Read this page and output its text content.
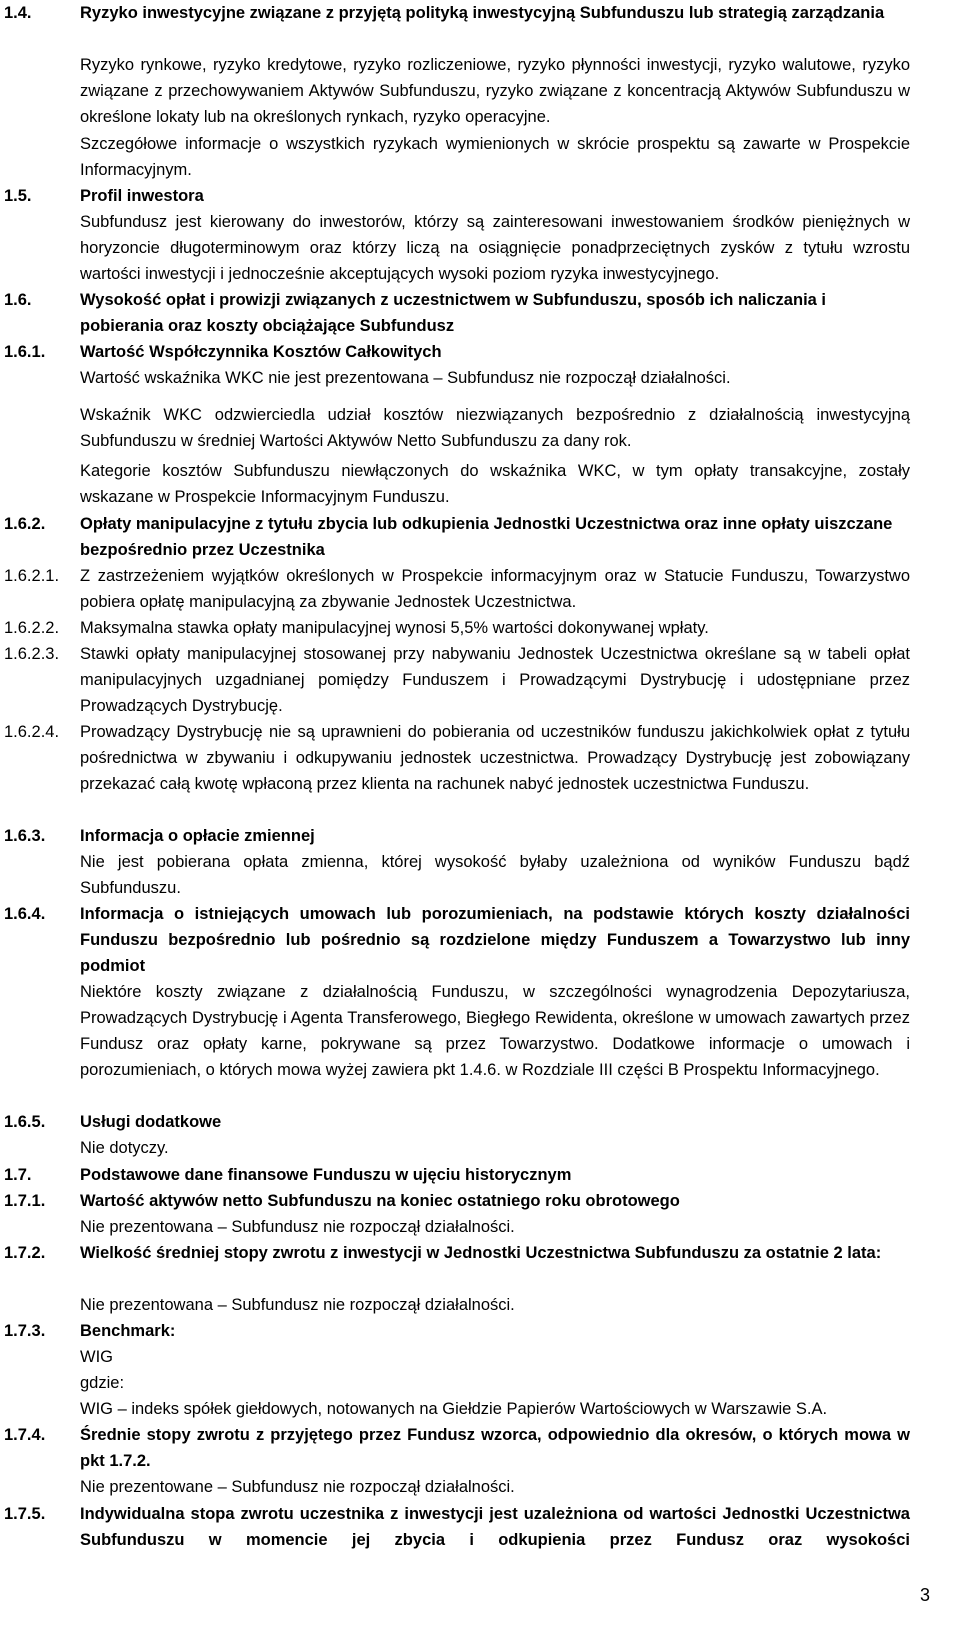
1.4.	Ryzyko inwestycyjne związane z przyjętą polityką inwestycyjną Subfunduszu lub strategią zarządzania
Ryzyko rynkowe, ryzyko kredytowe, ryzyko rozliczeniowe, ryzyko płynności inwestycji, ryzyko walutowe, ryzyko związane z przechowywaniem Aktywów Subfunduszu, ryzyko związane z koncentracją Aktywów Subfunduszu w określone lokaty lub na określonych rynkach, ryzyko operacyjne.
Szczegółowe informacje o wszystkich ryzykach wymienionych w skrócie prospektu są zawarte w Prospekcie Informacyjnym.
1.5.	Profil inwestora
Subfundusz jest kierowany do inwestorów, którzy są zainteresowani inwestowaniem środków pieniężnych w horyzoncie długoterminowym oraz którzy liczą na osiągnięcie ponadprzeciętnych zysków z tytułu wzrostu wartości inwestycji i jednocześnie akceptujących wysoki poziom ryzyka inwestycyjnego.
1.6.	Wysokość opłat i prowizji związanych z uczestnictwem w Subfunduszu, sposób ich naliczania i pobierania oraz koszty obciążające Subfundusz
1.6.1. Wartość Współczynnika Kosztów Całkowitych
Wartość wskaźnika WKC nie jest prezentowana – Subfundusz nie rozpoczął działalności.
Wskaźnik WKC odzwierciedla udział kosztów niezwiązanych bezpośrednio z działalnością inwestycyjną Subfunduszu w średniej Wartości Aktywów Netto Subfunduszu za dany rok.
Kategorie kosztów Subfunduszu niewłączonych do wskaźnika WKC, w tym opłaty transakcyjne, zostały wskazane w Prospekcie Informacyjnym Funduszu.
1.6.2. Opłaty manipulacyjne z tytułu zbycia lub odkupienia Jednostki Uczestnictwa oraz inne opłaty uiszczane bezpośrednio przez Uczestnika
1.6.2.1. Z zastrzeżeniem wyjątków określonych w Prospekcie informacyjnym oraz w Statucie Funduszu, Towarzystwo pobiera opłatę manipulacyjną za zbywanie Jednostek Uczestnictwa.
1.6.2.2. Maksymalna stawka opłaty manipulacyjnej wynosi 5,5% wartości dokonywanej wpłaty.
1.6.2.3. Stawki opłaty manipulacyjnej stosowanej przy nabywaniu Jednostek Uczestnictwa określane są w tabeli opłat manipulacyjnych uzgadnianej pomiędzy Funduszem i Prowadzącymi Dystrybucję i udostępniane przez Prowadzących Dystrybucję.
1.6.2.4. Prowadzący Dystrybucję nie są uprawnieni do pobierania od uczestników funduszu jakichkolwiek opłat z tytułu pośrednictwa w zbywaniu i odkupywaniu jednostek uczestnictwa. Prowadzący Dystrybucję jest zobowiązany przekazać całą kwotę wpłaconą przez klienta na rachunek nabyć jednostek uczestnictwa Funduszu.
1.6.3. Informacja o opłacie zmiennej
Nie jest pobierana opłata zmienna, której wysokość byłaby uzależniona od wyników Funduszu bądź Subfunduszu.
1.6.4. Informacja o istniejących umowach lub porozumieniach, na podstawie których koszty działalności Funduszu bezpośrednio lub pośrednio są rozdzielone między Funduszem a Towarzystwo lub inny podmiot
Niektóre koszty związane z działalnością Funduszu, w szczególności wynagrodzenia Depozytariusza, Prowadzących Dystrybucję i Agenta Transferowego, Biegłego Rewidenta, określone w umowach zawartych przez Fundusz oraz opłaty karne, pokrywane są przez Towarzystwo. Dodatkowe informacje o umowach i porozumieniach, o których mowa wyżej zawiera pkt 1.4.6. w Rozdziale III części B Prospektu Informacyjnego.
1.6.5. Usługi dodatkowe
Nie dotyczy.
1.7.	Podstawowe dane finansowe Funduszu w ujęciu historycznym
1.7.1. Wartość aktywów netto Subfunduszu na koniec ostatniego roku obrotowego
Nie prezentowana – Subfundusz nie rozpoczął działalności.
1.7.2. Wielkość średniej stopy zwrotu z inwestycji w Jednostki Uczestnictwa Subfunduszu za ostatnie 2 lata:
Nie prezentowana – Subfundusz nie rozpoczął działalności.
1.7.3. Benchmark:
WIG
gdzie:
WIG – indeks spółek giełdowych, notowanych na Giełdzie Papierów Wartościowych w Warszawie S.A.
1.7.4. Średnie stopy zwrotu z przyjętego przez Fundusz wzorca, odpowiednio dla okresów, o których mowa w pkt 1.7.2.
Nie prezentowane – Subfundusz nie rozpoczął działalności.
1.7.5. Indywidualna stopa zwrotu uczestnika z inwestycji jest uzależniona od wartości Jednostki Uczestnictwa Subfunduszu w momencie jej zbycia i odkupienia przez Fundusz oraz wysokości
3
